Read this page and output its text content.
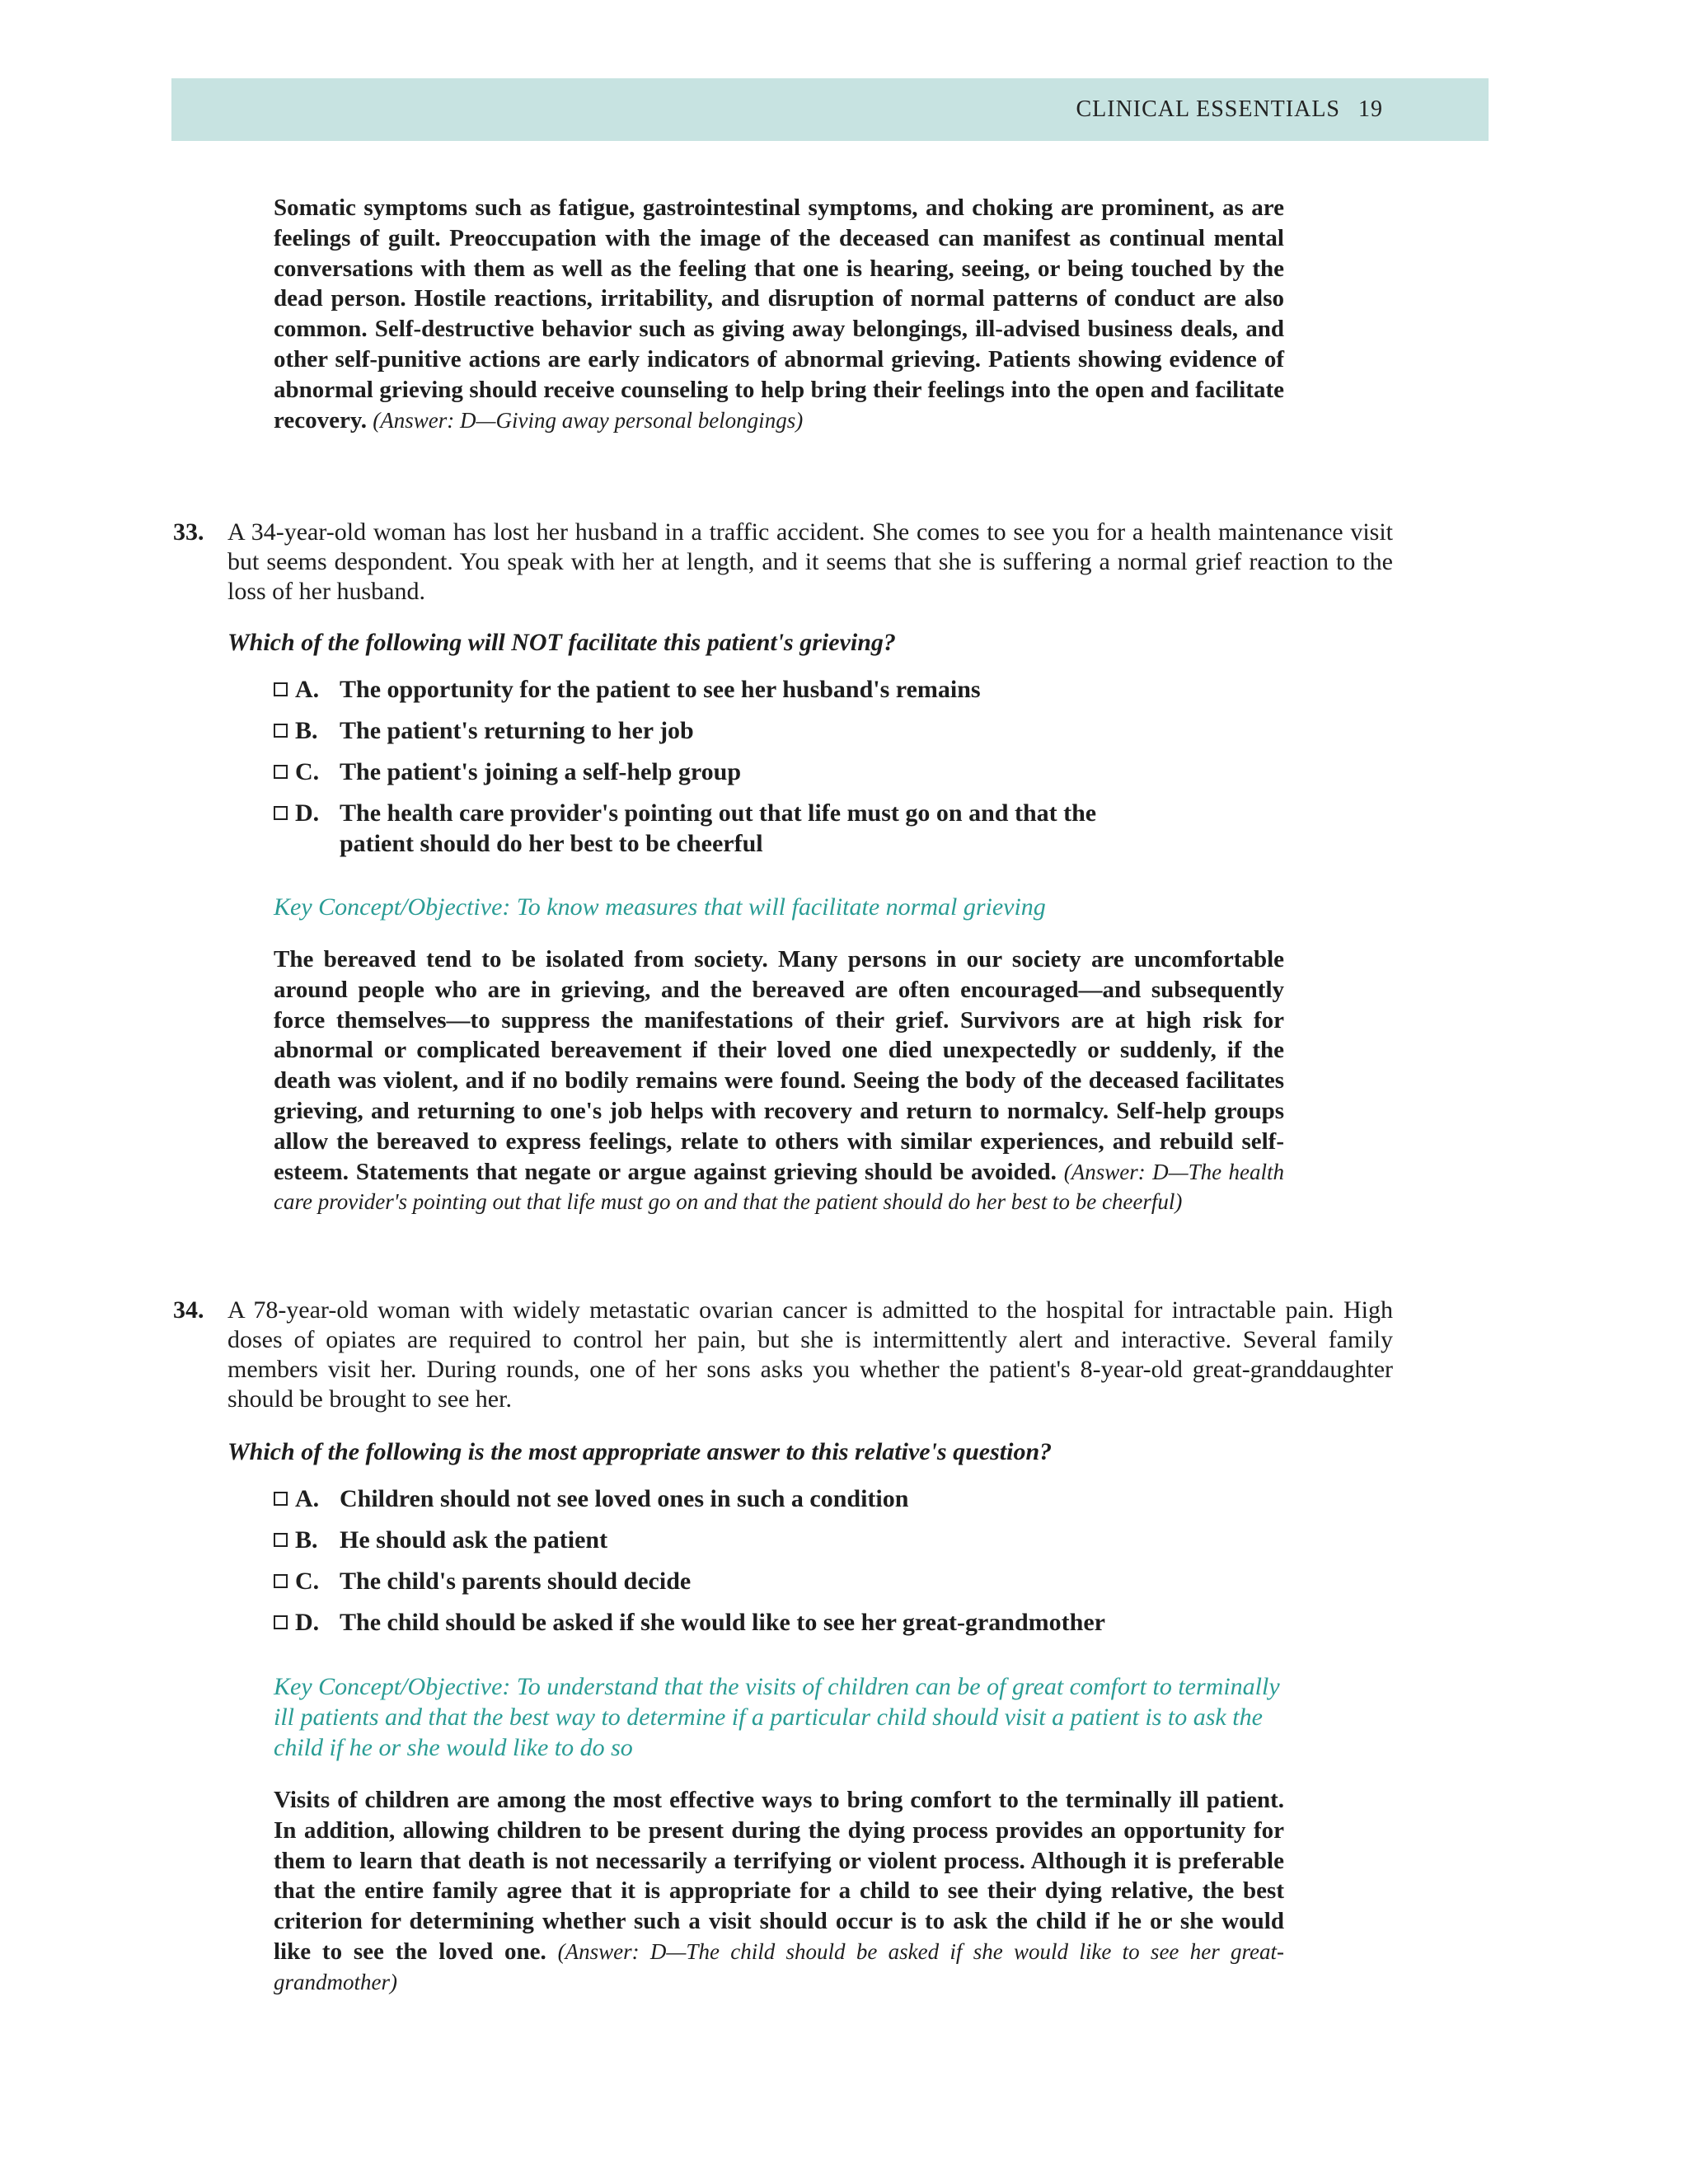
CLINICAL ESSENTIALS 19
Somatic symptoms such as fatigue, gastrointestinal symptoms, and choking are prominent, as are feelings of guilt. Preoccupation with the image of the deceased can manifest as continual mental conversations with them as well as the feeling that one is hearing, seeing, or being touched by the dead person. Hostile reactions, irritability, and disruption of normal patterns of conduct are also common. Self-destructive behavior such as giving away belongings, ill-advised business deals, and other self-punitive actions are early indicators of abnormal grieving. Patients showing evidence of abnormal grieving should receive counseling to help bring their feelings into the open and facilitate recovery. (Answer: D—Giving away personal belongings)
33. A 34-year-old woman has lost her husband in a traffic accident. She comes to see you for a health maintenance visit but seems despondent. You speak with her at length, and it seems that she is suffering a normal grief reaction to the loss of her husband.
Which of the following will NOT facilitate this patient's grieving?
A. The opportunity for the patient to see her husband's remains
B. The patient's returning to her job
C. The patient's joining a self-help group
D. The health care provider's pointing out that life must go on and that the patient should do her best to be cheerful
Key Concept/Objective: To know measures that will facilitate normal grieving
The bereaved tend to be isolated from society. Many persons in our society are uncomfortable around people who are in grieving, and the bereaved are often encouraged—and subsequently force themselves—to suppress the manifestations of their grief. Survivors are at high risk for abnormal or complicated bereavement if their loved one died unexpectedly or suddenly, if the death was violent, and if no bodily remains were found. Seeing the body of the deceased facilitates grieving, and returning to one's job helps with recovery and return to normalcy. Self-help groups allow the bereaved to express feelings, relate to others with similar experiences, and rebuild self-esteem. Statements that negate or argue against grieving should be avoided. (Answer: D—The health care provider's pointing out that life must go on and that the patient should do her best to be cheerful)
34. A 78-year-old woman with widely metastatic ovarian cancer is admitted to the hospital for intractable pain. High doses of opiates are required to control her pain, but she is intermittently alert and interactive. Several family members visit her. During rounds, one of her sons asks you whether the patient's 8-year-old great-granddaughter should be brought to see her.
Which of the following is the most appropriate answer to this relative's question?
A. Children should not see loved ones in such a condition
B. He should ask the patient
C. The child's parents should decide
D. The child should be asked if she would like to see her great-grandmother
Key Concept/Objective: To understand that the visits of children can be of great comfort to terminally ill patients and that the best way to determine if a particular child should visit a patient is to ask the child if he or she would like to do so
Visits of children are among the most effective ways to bring comfort to the terminally ill patient. In addition, allowing children to be present during the dying process provides an opportunity for them to learn that death is not necessarily a terrifying or violent process. Although it is preferable that the entire family agree that it is appropriate for a child to see their dying relative, the best criterion for determining whether such a visit should occur is to ask the child if he or she would like to see the loved one. (Answer: D—The child should be asked if she would like to see her great-grandmother)
